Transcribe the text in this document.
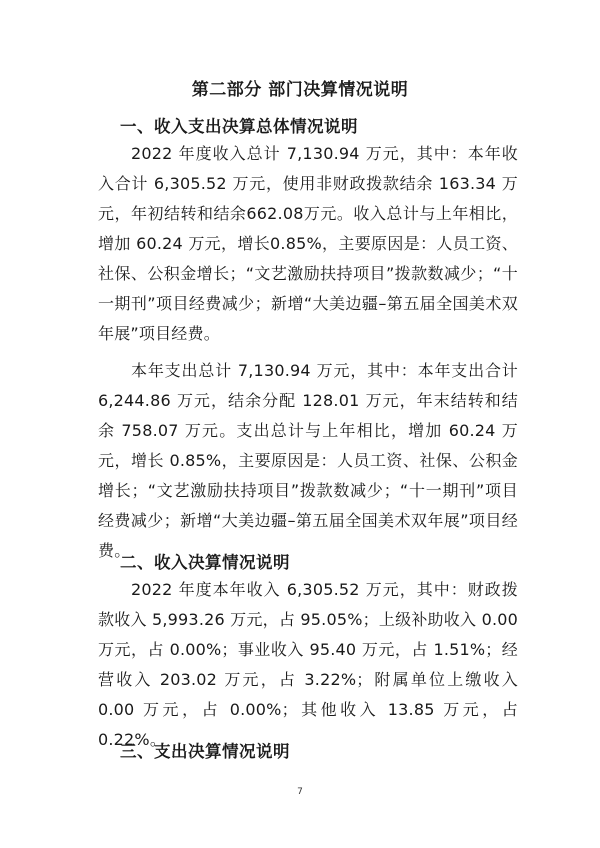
第二部分 部门决算情况说明
一、收入支出决算总体情况说明
2022 年度收入总计 7,130.94 万元，其中：本年收入合计 6,305.52 万元，使用非财政拨款结余 163.34 万元，年初结转和结余662.08万元。收入总计与上年相比，增加 60.24 万元，增长0.85%，主要原因是：人员工资、社保、公积金增长；“文艺激励扶持项目”拨款数减少；“十一期刊”项目经费减少；新增“大美边疆–第五届全国美术双年展”项目经费。
本年支出总计 7,130.94 万元，其中：本年支出合计 6,244.86 万元，结余分配 128.01 万元，年末结转和结余 758.07 万元。支出总计与上年相比，增加 60.24 万元，增长 0.85%，主要原因是：人员工资、社保、公积金增长；“文艺激励扶持项目”拨款数减少；“十一期刊”项目经费减少；新增“大美边疆–第五届全国美术双年展”项目经费。
二、收入决算情况说明
2022 年度本年收入 6,305.52 万元，其中：财政拨款收入 5,993.26 万元，占 95.05%；上级补助收入 0.00 万元，占 0.00%；事业收入 95.40 万元，占 1.51%；经营收入 203.02 万元，占 3.22%；附属单位上缴收入 0.00 万元，占 0.00%；其他收入 13.85 万元，占 0.22%。
三、支出决算情况说明
7
